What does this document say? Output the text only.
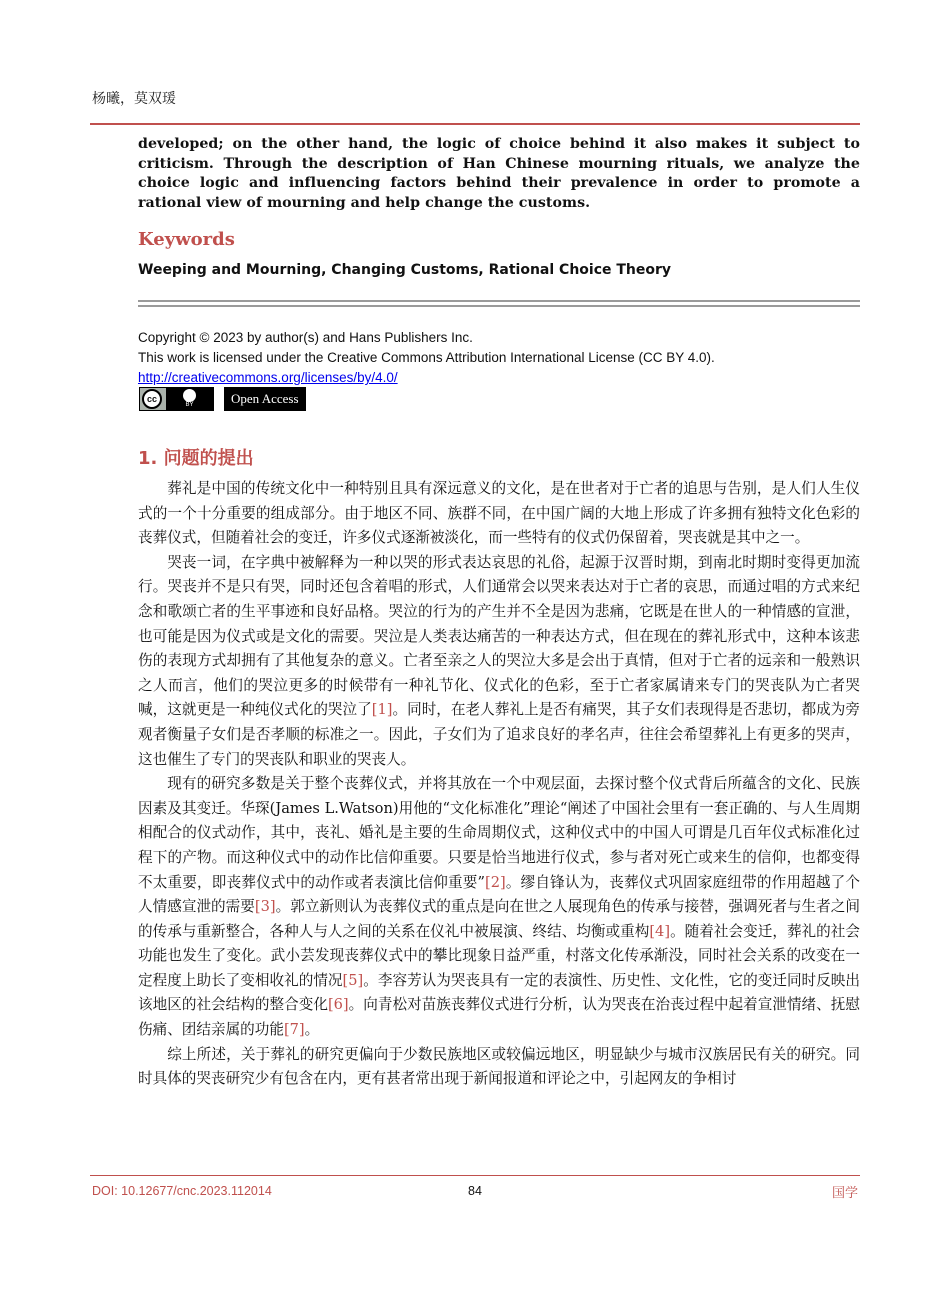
杨曦，莫双瑗
developed; on the other hand, the logic of choice behind it also makes it subject to criticism. Through the description of Han Chinese mourning rituals, we analyze the choice logic and influencing factors behind their prevalence in order to promote a rational view of mourning and help change the customs.
Keywords
Weeping and Mourning, Changing Customs, Rational Choice Theory
Copyright © 2023 by author(s) and Hans Publishers Inc.
This work is licensed under the Creative Commons Attribution International License (CC BY 4.0).
http://creativecommons.org/licenses/by/4.0/
cc
BY	Open Access
1. 问题的提出

葬礼是中国的传统文化中一种特别且具有深远意义的文化，是在世者对于亡者的追思与告别，是人们人生仪式的一个十分重要的组成部分。由于地区不同、族群不同，在中国广阔的大地上形成了许多拥有独特文化色彩的丧葬仪式，但随着社会的变迁，许多仪式逐渐被淡化，而一些特有的仪式仍保留着，哭丧就是其中之一。

哭丧一词，在字典中被解释为一种以哭的形式表达哀思的礼俗，起源于汉晋时期，到南北时期时变得更加流行。哭丧并不是只有哭，同时还包含着唱的形式，人们通常会以哭来表达对于亡者的哀思，而通过唱的方式来纪念和歌颂亡者的生平事迹和良好品格。哭泣的行为的产生并不全是因为悲痛，它既是在世人的一种情感的宣泄，也可能是因为仪式或是文化的需要。哭泣是人类表达痛苦的一种表达方式，但在现在的葬礼形式中，这种本该悲伤的表现方式却拥有了其他复杂的意义。亡者至亲之人的哭泣大多是会出于真情，但对于亡者的远亲和一般熟识之人而言，他们的哭泣更多的时候带有一种礼节化、仪式化的色彩，至于亡者家属请来专门的哭丧队为亡者哭喊，这就更是一种纯仪式化的哭泣了[1]。同时，在老人葬礼上是否有痛哭，其子女们表现得是否悲切，都成为旁观者衡量子女们是否孝顺的标准之一。因此，子女们为了追求良好的孝名声，往往会希望葬礼上有更多的哭声，这也催生了专门的哭丧队和职业的哭丧人。

现有的研究多数是关于整个丧葬仪式，并将其放在一个中观层面，去探讨整个仪式背后所蕴含的文化、民族因素及其变迁。华琛(James L.Watson)用他的“文化标准化”理论“阐述了中国社会里有一套正确的、与人生周期相配合的仪式动作，其中，丧礼、婚礼是主要的生命周期仪式，这种仪式中的中国人可谓是几百年仪式标准化过程下的产物。而这种仪式中的动作比信仰重要。只要是恰当地进行仪式，参与者对死亡或来生的信仰，也都变得不太重要，即丧葬仪式中的动作或者表演比信仰重要”[2]。缪自锋认为，丧葬仪式巩固家庭纽带的作用超越了个人情感宣泄的需要[3]。郭立新则认为丧葬仪式的重点是向在世之人展现角色的传承与接替，强调死者与生者之间的传承与重新整合，各种人与人之间的关系在仪礼中被展演、终结、均衡或重构[4]。随着社会变迁，葬礼的社会功能也发生了变化。武小芸发现丧葬仪式中的攀比现象日益严重，村落文化传承渐没，同时社会关系的改变在一定程度上助长了变相收礼的情况[5]。李容芳认为哭丧具有一定的表演性、历史性、文化性，它的变迁同时反映出该地区的社会结构的整合变化[6]。向青松对苗族丧葬仪式进行分析，认为哭丧在治丧过程中起着宣泄情绪、抚慰伤痛、团结亲属的功能[7]。

综上所述，关于葬礼的研究更偏向于少数民族地区或较偏远地区，明显缺少与城市汉族居民有关的研究。同时具体的哭丧研究少有包含在内，更有甚者常出现于新闻报道和评论之中，引起网友的争相讨

DOI: 10.12677/cnc.2023.112014	84	国学
